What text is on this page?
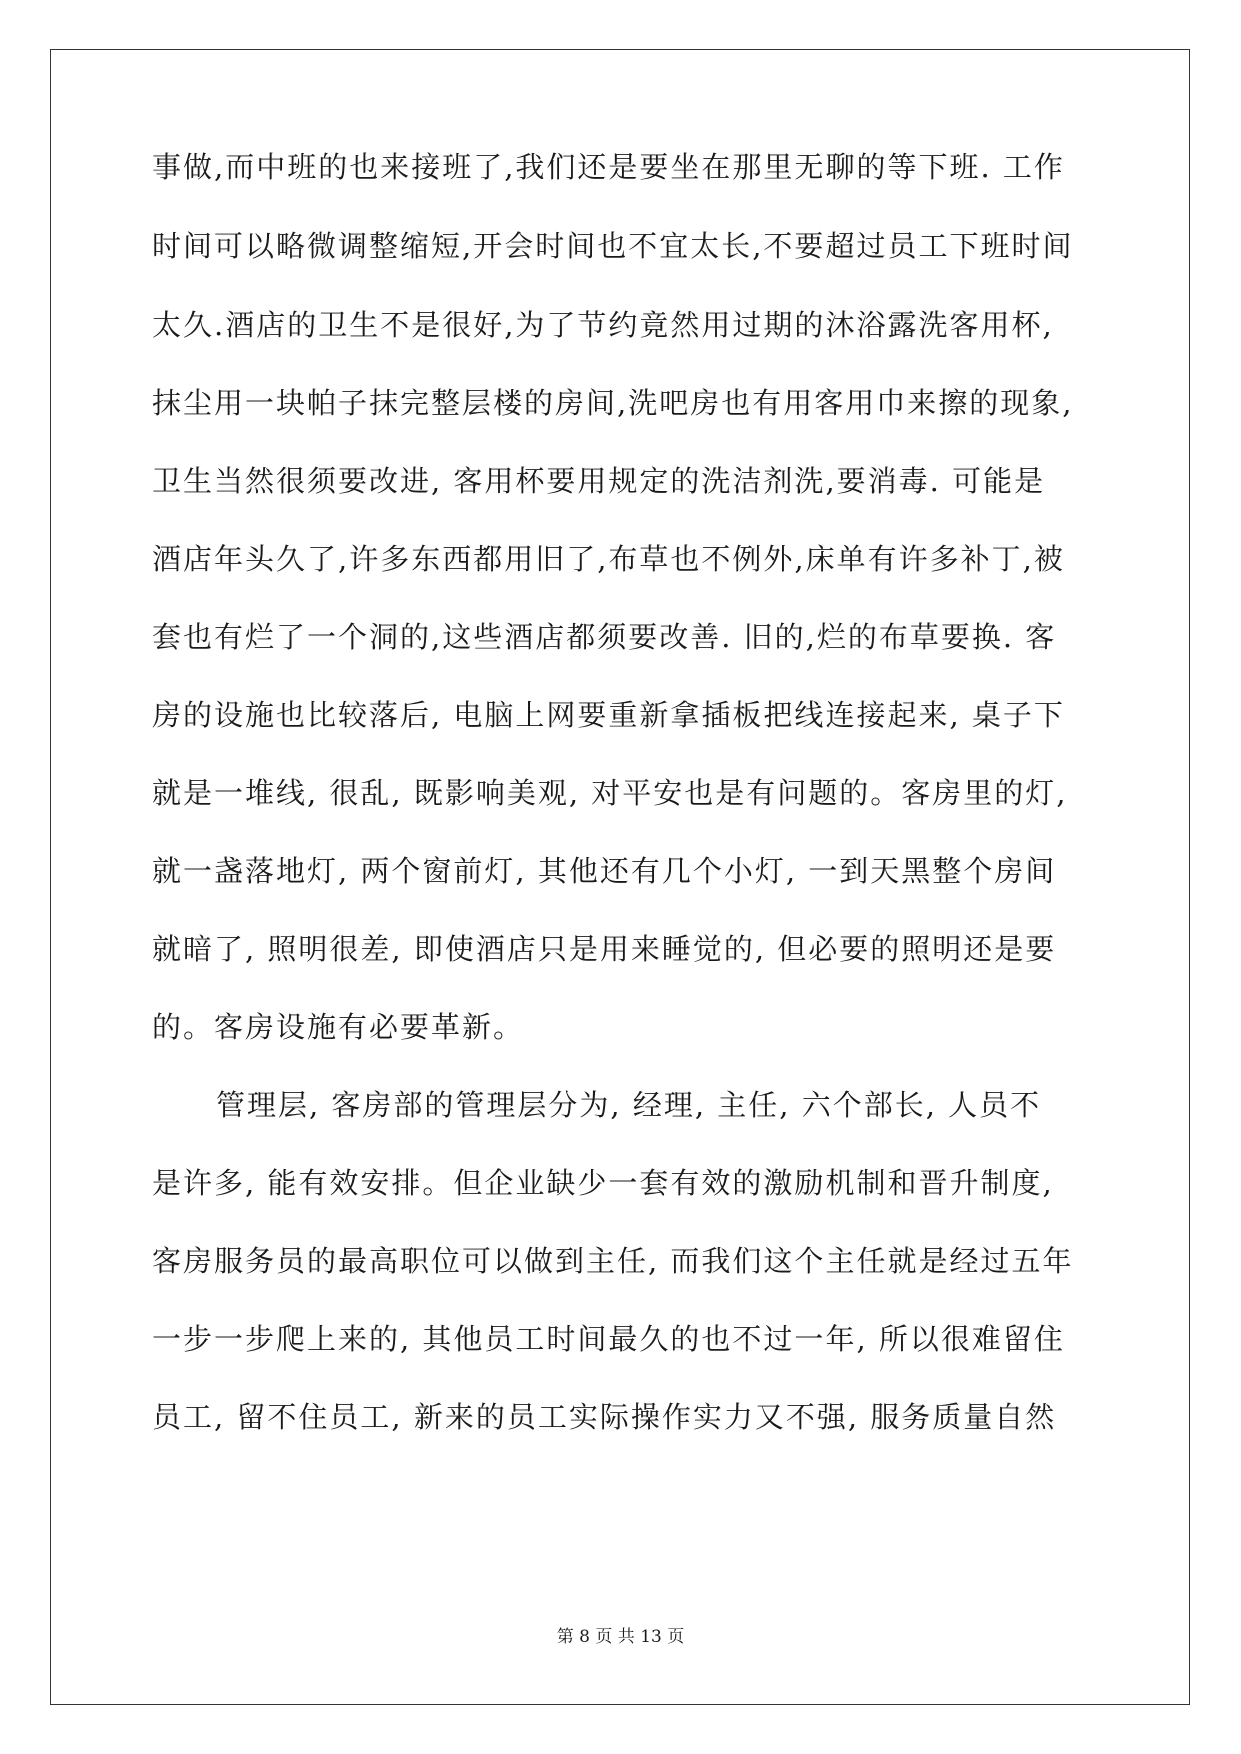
事做,而中班的也来接班了,我们还是要坐在那里无聊的等下班. 工作
时间可以略微调整缩短,开会时间也不宜太长,不要超过员工下班时间
太久.酒店的卫生不是很好,为了节约竟然用过期的沐浴露洗客用杯,
抹尘用一块帕子抹完整层楼的房间,洗吧房也有用客用巾来擦的现象,
卫生当然很须要改进, 客用杯要用规定的洗洁剂洗,要消毒. 可能是
酒店年头久了,许多东西都用旧了,布草也不例外,床单有许多补丁,被
套也有烂了一个洞的,这些酒店都须要改善. 旧的,烂的布草要换. 客
房的设施也比较落后, 电脑上网要重新拿插板把线连接起来, 桌子下
就是一堆线, 很乱, 既影响美观, 对平安也是有问题的。客房里的灯,
就一盏落地灯, 两个窗前灯, 其他还有几个小灯, 一到天黑整个房间
就暗了, 照明很差, 即使酒店只是用来睡觉的, 但必要的照明还是要
的。客房设施有必要革新。
管理层, 客房部的管理层分为, 经理, 主任, 六个部长, 人员不
是许多, 能有效安排。但企业缺少一套有效的激励机制和晋升制度,
客房服务员的最高职位可以做到主任, 而我们这个主任就是经过五年
一步一步爬上来的, 其他员工时间最久的也不过一年, 所以很难留住
员工, 留不住员工, 新来的员工实际操作实力又不强, 服务质量自然
第 8 页 共 13 页
